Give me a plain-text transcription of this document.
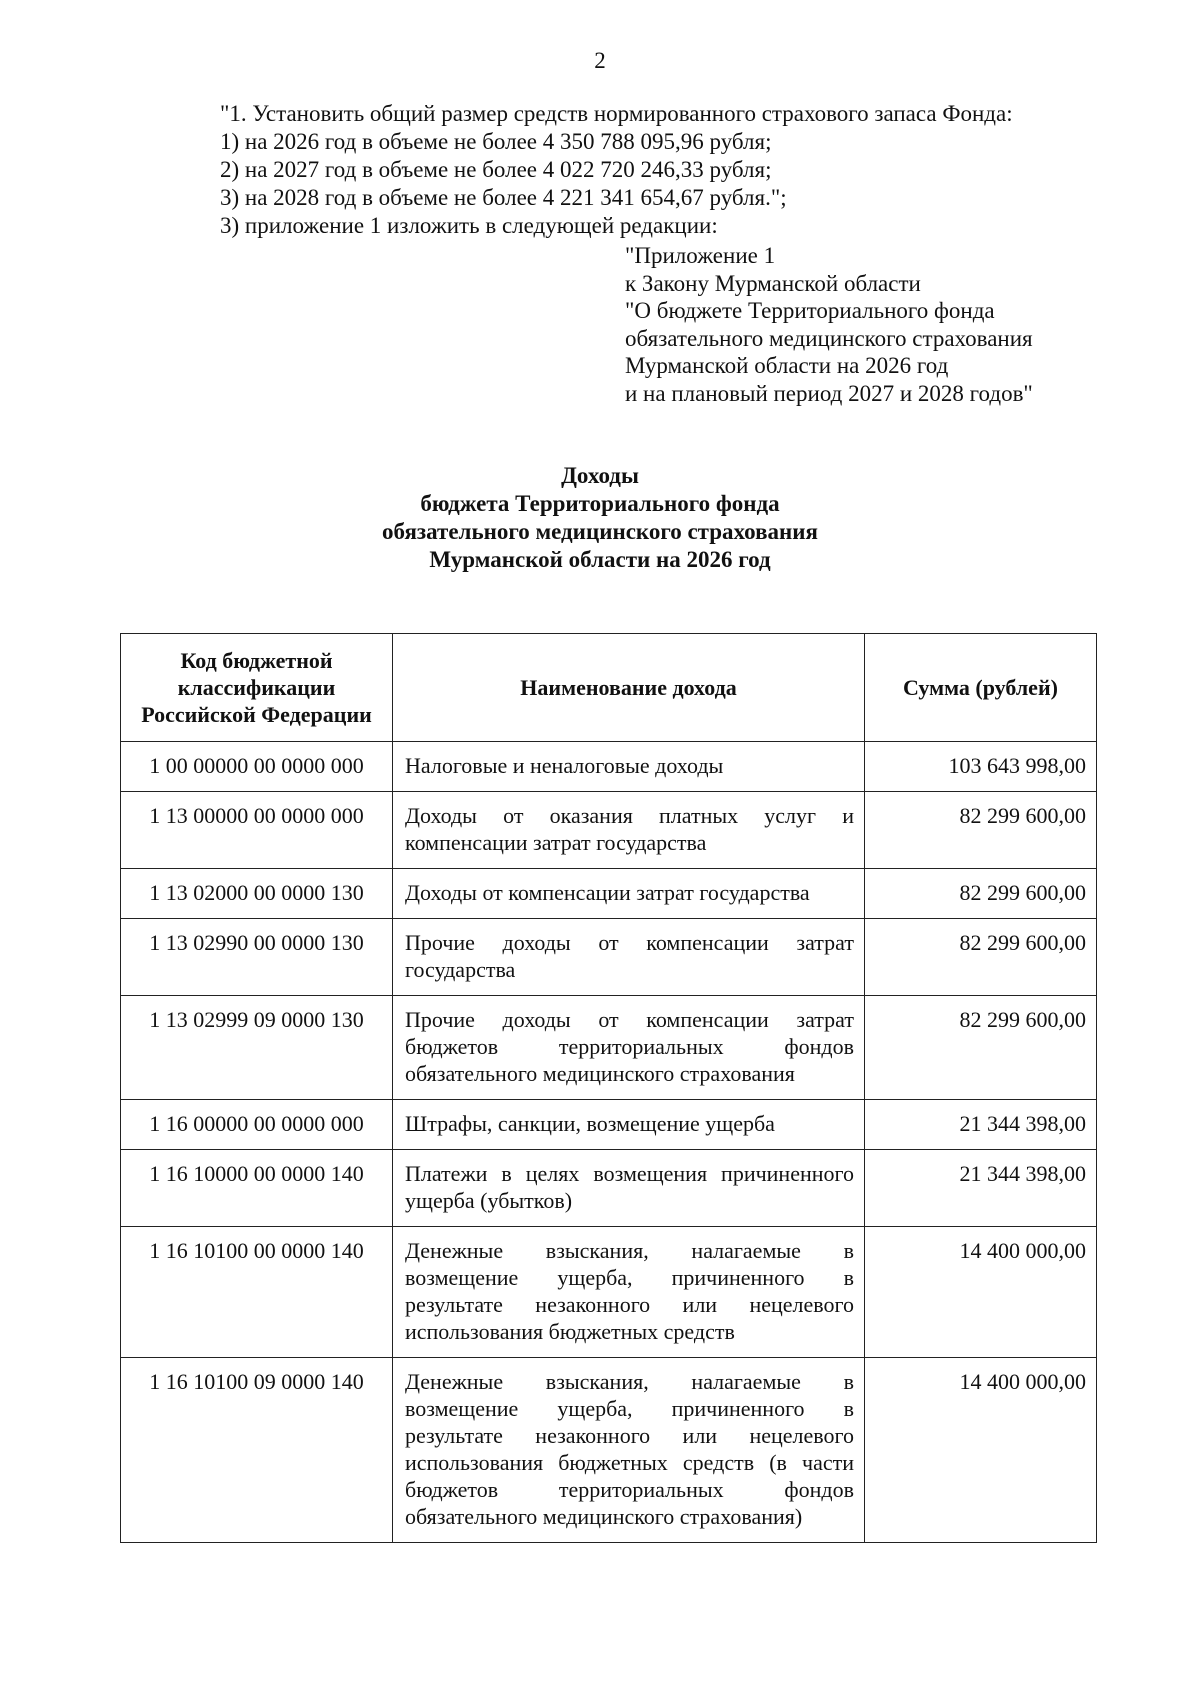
2
"1. Установить общий размер средств нормированного страхового запаса Фонда:
1) на 2026 год в объеме не более 4 350 788 095,96 рубля;
2) на 2027 год в объеме не более 4 022 720 246,33 рубля;
3) на 2028 год в объеме не более 4 221 341 654,67 рубля.";
3) приложение 1 изложить в следующей редакции:
"Приложение 1
к Закону Мурманской области
"О бюджете Территориального фонда
обязательного медицинского страхования
Мурманской области на 2026 год
и на плановый период 2027 и 2028 годов"
Доходы
бюджета Территориального фонда
обязательного медицинского страхования
Мурманской области на 2026 год
Код бюджетной классификации Российской Федерации	Наименование дохода	Сумма (рублей)
1 00 00000 00 0000 000	Налоговые и неналоговые доходы	103 643 998,00
1 13 00000 00 0000 000	Доходы от оказания платных услуг и компенсации затрат государства	82 299 600,00
1 13 02000 00 0000 130	Доходы от компенсации затрат государства	82 299 600,00
1 13 02990 00 0000 130	Прочие доходы от компенсации затрат государства	82 299 600,00
1 13 02999 09 0000 130	Прочие доходы от компенсации затрат бюджетов территориальных фондов обязательного медицинского страхования	82 299 600,00
1 16 00000 00 0000 000	Штрафы, санкции, возмещение ущерба	21 344 398,00
1 16 10000 00 0000 140	Платежи в целях возмещения причиненного ущерба (убытков)	21 344 398,00
1 16 10100 00 0000 140	Денежные взыскания, налагаемые в возмещение ущерба, причиненного в результате незаконного или нецелевого использования бюджетных средств	14 400 000,00
1 16 10100 09 0000 140	Денежные взыскания, налагаемые в возмещение ущерба, причиненного в результате незаконного или нецелевого использования бюджетных средств (в части бюджетов территориальных фондов обязательного медицинского страхования)	14 400 000,00
